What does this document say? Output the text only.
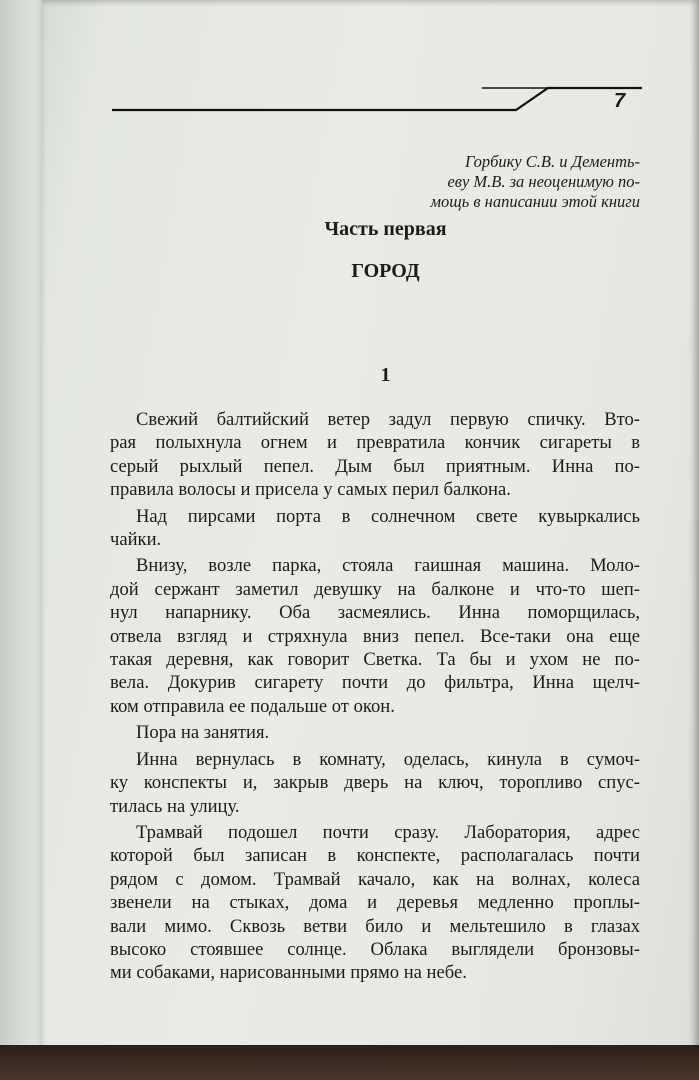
7
Горбику С.В. и Дементь-
еву М.В. за неоценимую по-
мощь в написании этой книги
Часть первая
ГОРОД
1
Свежий балтийский ветер задул первую спичку. Вто-
рая полыхнула огнем и превратила кончик сигареты в
серый рыхлый пепел. Дым был приятным. Инна по-
правила волосы и присела у самых перил балкона.
Над пирсами порта в солнечном свете кувыркались
чайки.
Внизу, возле парка, стояла гаишная машина. Моло-
дой сержант заметил девушку на балконе и что-то шеп-
нул напарнику. Оба засмеялись. Инна поморщилась,
отвела взгляд и стряхнула вниз пепел. Все-таки она еще
такая деревня, как говорит Светка. Та бы и ухом не по-
вела. Докурив сигарету почти до фильтра, Инна щелч-
ком отправила ее подальше от окон.
Пора на занятия.
Инна вернулась в комнату, оделась, кинула в сумоч-
ку конспекты и, закрыв дверь на ключ, торопливо спус-
тилась на улицу.
Трамвай подошел почти сразу. Лаборатория, адрес
которой был записан в конспекте, располагалась почти
рядом с домом. Трамвай качало, как на волнах, колеса
звенели на стыках, дома и деревья медленно проплы-
вали мимо. Сквозь ветви било и мельтешило в глазах
высоко стоявшее солнце. Облака выглядели бронзовы-
ми собаками, нарисованными прямо на небе.
